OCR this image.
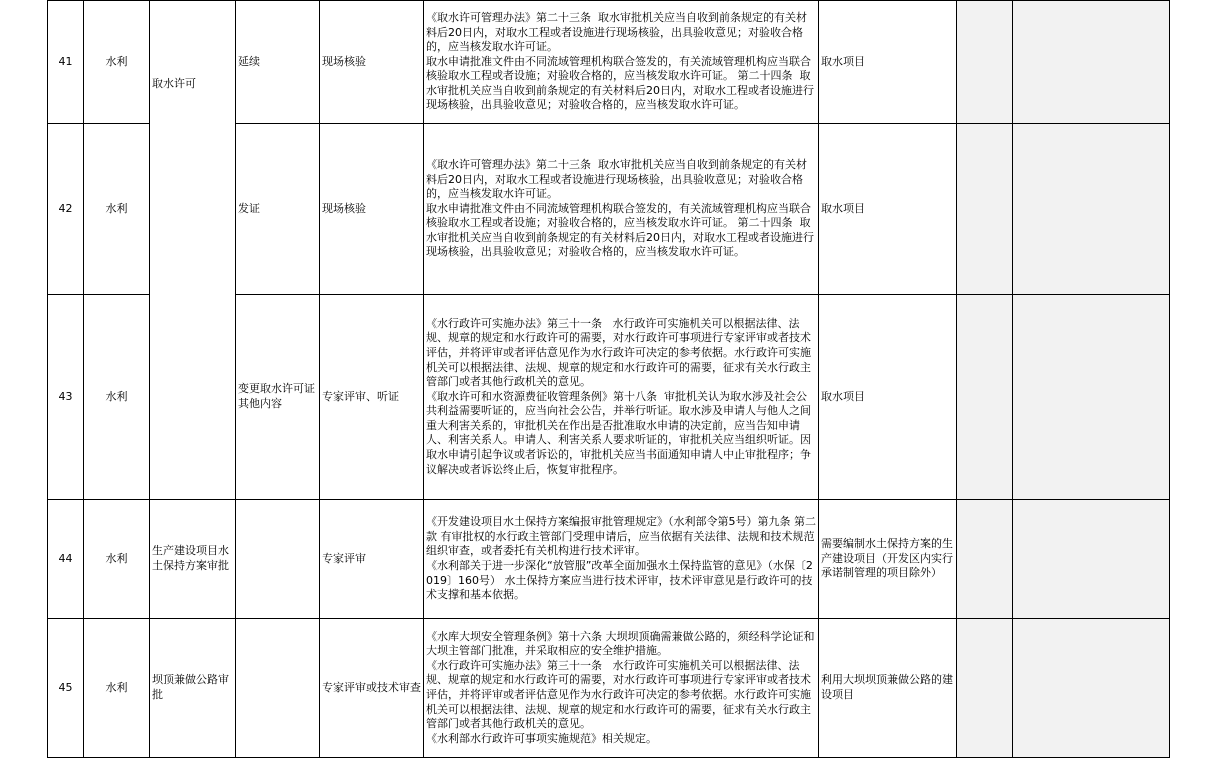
41	水利	取水许可	延续	现场核验	《取水许可管理办法》第二十三条  取水审批机关应当自收到前条规定的有关材料后20日内，对取水工程或者设施进行现场核验，出具验收意见；对验收合格的，应当核发取水许可证。
取水申请批准文件由不同流域管理机构联合签发的，有关流域管理机构应当联合核验取水工程或者设施；对验收合格的，应当核发取水许可证。 第二十四条  取水审批机关应当自收到前条规定的有关材料后20日内，对取水工程或者设施进行现场核验，出具验收意见；对验收合格的，应当核发取水许可证。	取水项目		
42	水利		发证	现场核验	《取水许可管理办法》第二十三条  取水审批机关应当自收到前条规定的有关材料后20日内，对取水工程或者设施进行现场核验，出具验收意见；对验收合格的，应当核发取水许可证。
取水申请批准文件由不同流域管理机构联合签发的，有关流域管理机构应当联合核验取水工程或者设施；对验收合格的，应当核发取水许可证。 第二十四条  取水审批机关应当自收到前条规定的有关材料后20日内，对取水工程或者设施进行现场核验，出具验收意见；对验收合格的，应当核发取水许可证。	取水项目		
43	水利		变更取水许可证其他内容	专家评审、听证	《水行政许可实施办法》第三十一条   水行政许可实施机关可以根据法律、法规、规章的规定和水行政许可的需要，对水行政许可事项进行专家评审或者技术评估，并将评审或者评估意见作为水行政许可决定的参考依据。水行政许可实施机关可以根据法律、法规、规章的规定和水行政许可的需要，征求有关水行政主管部门或者其他行政机关的意见。
《取水许可和水资源费征收管理条例》第十八条  审批机关认为取水涉及社会公共利益需要听证的，应当向社会公告，并举行听证。取水涉及申请人与他人之间重大利害关系的，审批机关在作出是否批准取水申请的决定前，应当告知申请人、利害关系人。申请人、利害关系人要求听证的，审批机关应当组织听证。因取水申请引起争议或者诉讼的，审批机关应当书面通知申请人中止审批程序；争议解决或者诉讼终止后，恢复审批程序。	取水项目		
44	水利	生产建设项目水土保持方案审批		专家评审	《开发建设项目水土保持方案编报审批管理规定》（水利部令第5号）第九条 第二款 有审批权的水行政主管部门受理申请后，应当依据有关法律、法规和技术规范组织审查，或者委托有关机构进行技术评审。
《水利部关于进一步深化“放管服”改革全面加强水土保持监管的意见》（水保〔2019〕160号） 水土保持方案应当进行技术评审，技术评审意见是行政许可的技术支撑和基本依据。	需要编制水土保持方案的生产建设项目（开发区内实行承诺制管理的项目除外）		
45	水利	坝顶兼做公路审批		专家评审或技术审查	《水库大坝安全管理条例》第十六条 大坝坝顶确需兼做公路的，须经科学论证和大坝主管部门批准，并采取相应的安全维护措施。
《水行政许可实施办法》第三十一条   水行政许可实施机关可以根据法律、法规、规章的规定和水行政许可的需要，对水行政许可事项进行专家评审或者技术评估，并将评审或者评估意见作为水行政许可决定的参考依据。水行政许可实施机关可以根据法律、法规、规章的规定和水行政许可的需要，征求有关水行政主管部门或者其他行政机关的意见。
《水利部水行政许可事项实施规范》相关规定。	利用大坝坝顶兼做公路的建设项目		
